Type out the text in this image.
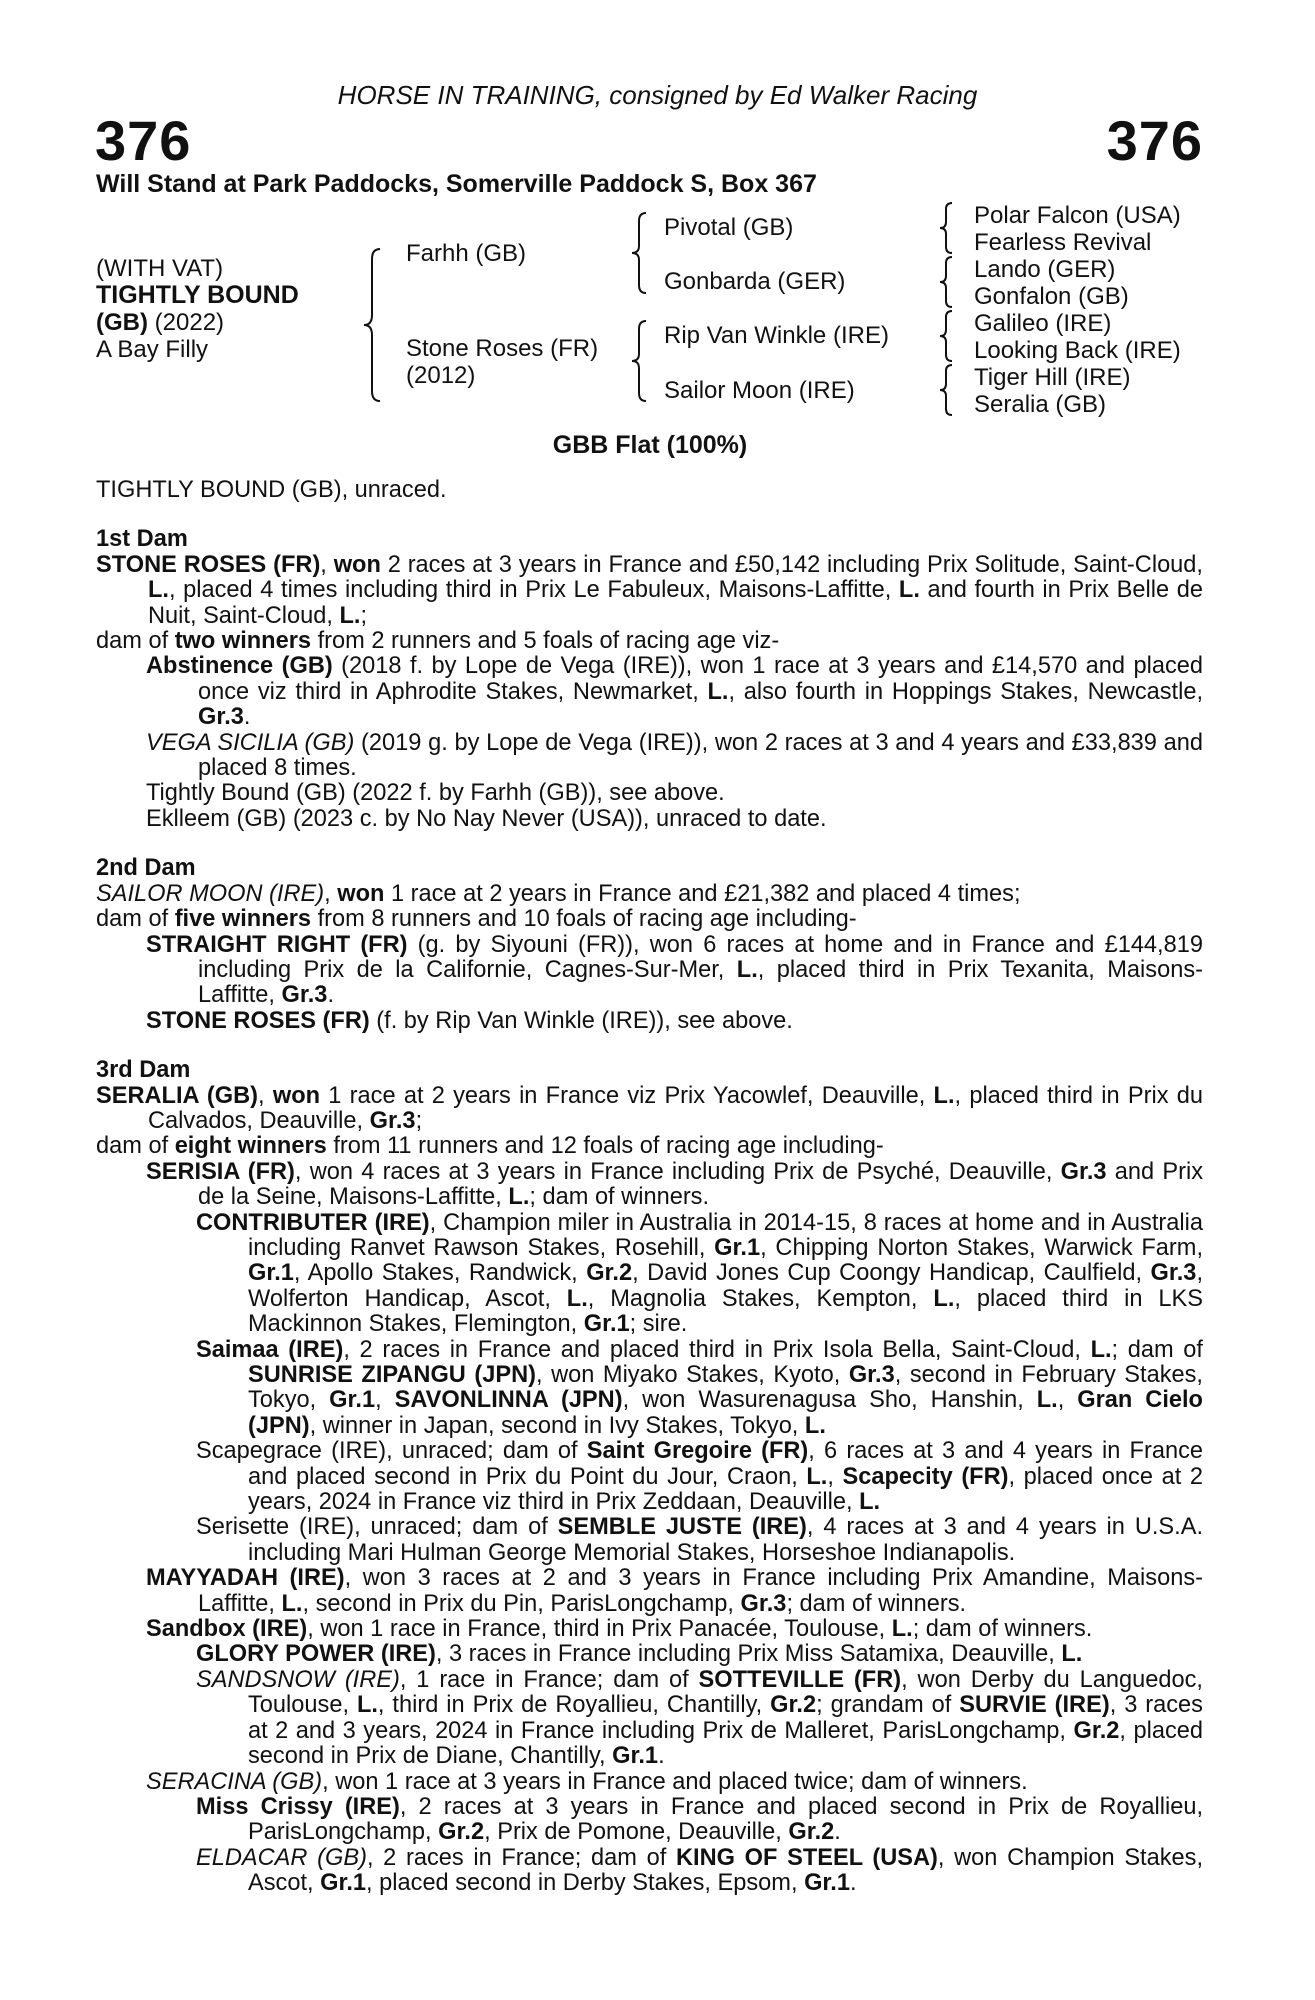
HORSE IN TRAINING, consigned by Ed Walker Racing
376	376
Will Stand at Park Paddocks, Somerville Paddock S, Box 367
(WITH VAT)
TIGHTLY BOUND
(GB) (2022)
A Bay Filly
Farhh (GB)
Stone Roses (FR)
(2012)
Pivotal (GB)
Gonbarda (GER)
Rip Van Winkle (IRE)
Sailor Moon (IRE)
Polar Falcon (USA)
Fearless Revival
Lando (GER)
Gonfalon (GB)
Galileo (IRE)
Looking Back (IRE)
Tiger Hill (IRE)
Seralia (GB)
GBB Flat (100%)

TIGHTLY BOUND (GB), unraced.

1st Dam

STONE ROSES (FR), won 2 races at 3 years in France and £50,142 including Prix Solitude, Saint-Cloud, L., placed 4 times including third in Prix Le Fabuleux, Maisons-Laffitte, L. and fourth in Prix Belle de Nuit, Saint-Cloud, L.;

dam of two winners from 2 runners and 5 foals of racing age viz-

Abstinence (GB) (2018 f. by Lope de Vega (IRE)), won 1 race at 3 years and £14,570 and placed once viz third in Aphrodite Stakes, Newmarket, L., also fourth in Hoppings Stakes, Newcastle, Gr.3.

VEGA SICILIA (GB) (2019 g. by Lope de Vega (IRE)), won 2 races at 3 and 4 years and £33,839 and placed 8 times.

Tightly Bound (GB) (2022 f. by Farhh (GB)), see above.

Eklleem (GB) (2023 c. by No Nay Never (USA)), unraced to date.

2nd Dam

SAILOR MOON (IRE), won 1 race at 2 years in France and £21,382 and placed 4 times;

dam of five winners from 8 runners and 10 foals of racing age including-

STRAIGHT RIGHT (FR) (g. by Siyouni (FR)), won 6 races at home and in France and £144,819 including Prix de la Californie, Cagnes-Sur-Mer, L., placed third in Prix Texanita, Maisons-Laffitte, Gr.3.

STONE ROSES (FR) (f. by Rip Van Winkle (IRE)), see above.

3rd Dam

SERALIA (GB), won 1 race at 2 years in France viz Prix Yacowlef, Deauville, L., placed third in Prix du Calvados, Deauville, Gr.3;

dam of eight winners from 11 runners and 12 foals of racing age including-

SERISIA (FR), won 4 races at 3 years in France including Prix de Psyché, Deauville, Gr.3 and Prix de la Seine, Maisons-Laffitte, L.; dam of winners.

CONTRIBUTER (IRE), Champion miler in Australia in 2014-15, 8 races at home and in Australia including Ranvet Rawson Stakes, Rosehill, Gr.1, Chipping Norton Stakes, Warwick Farm, Gr.1, Apollo Stakes, Randwick, Gr.2, David Jones Cup Coongy Handicap, Caulfield, Gr.3, Wolferton Handicap, Ascot, L., Magnolia Stakes, Kempton, L., placed third in LKS Mackinnon Stakes, Flemington, Gr.1; sire.

Saimaa (IRE), 2 races in France and placed third in Prix Isola Bella, Saint-Cloud, L.; dam of SUNRISE ZIPANGU (JPN), won Miyako Stakes, Kyoto, Gr.3, second in February Stakes, Tokyo, Gr.1, SAVONLINNA (JPN), won Wasurenagusa Sho, Hanshin, L., Gran Cielo (JPN), winner in Japan, second in Ivy Stakes, Tokyo, L.

Scapegrace (IRE), unraced; dam of Saint Gregoire (FR), 6 races at 3 and 4 years in France and placed second in Prix du Point du Jour, Craon, L., Scapecity (FR), placed once at 2 years, 2024 in France viz third in Prix Zeddaan, Deauville, L.

Serisette (IRE), unraced; dam of SEMBLE JUSTE (IRE), 4 races at 3 and 4 years in U.S.A. including Mari Hulman George Memorial Stakes, Horseshoe Indianapolis.

MAYYADAH (IRE), won 3 races at 2 and 3 years in France including Prix Amandine, Maisons-Laffitte, L., second in Prix du Pin, ParisLongchamp, Gr.3; dam of winners.

Sandbox (IRE), won 1 race in France, third in Prix Panacée, Toulouse, L.; dam of winners.

GLORY POWER (IRE), 3 races in France including Prix Miss Satamixa, Deauville, L.

SANDSNOW (IRE), 1 race in France; dam of SOTTEVILLE (FR), won Derby du Languedoc, Toulouse, L., third in Prix de Royallieu, Chantilly, Gr.2; grandam of SURVIE (IRE), 3 races at 2 and 3 years, 2024 in France including Prix de Malleret, ParisLongchamp, Gr.2, placed second in Prix de Diane, Chantilly, Gr.1.

SERACINA (GB), won 1 race at 3 years in France and placed twice; dam of winners.

Miss Crissy (IRE), 2 races at 3 years in France and placed second in Prix de Royallieu, ParisLongchamp, Gr.2, Prix de Pomone, Deauville, Gr.2.

ELDACAR (GB), 2 races in France; dam of KING OF STEEL (USA), won Champion Stakes, Ascot, Gr.1, placed second in Derby Stakes, Epsom, Gr.1.
